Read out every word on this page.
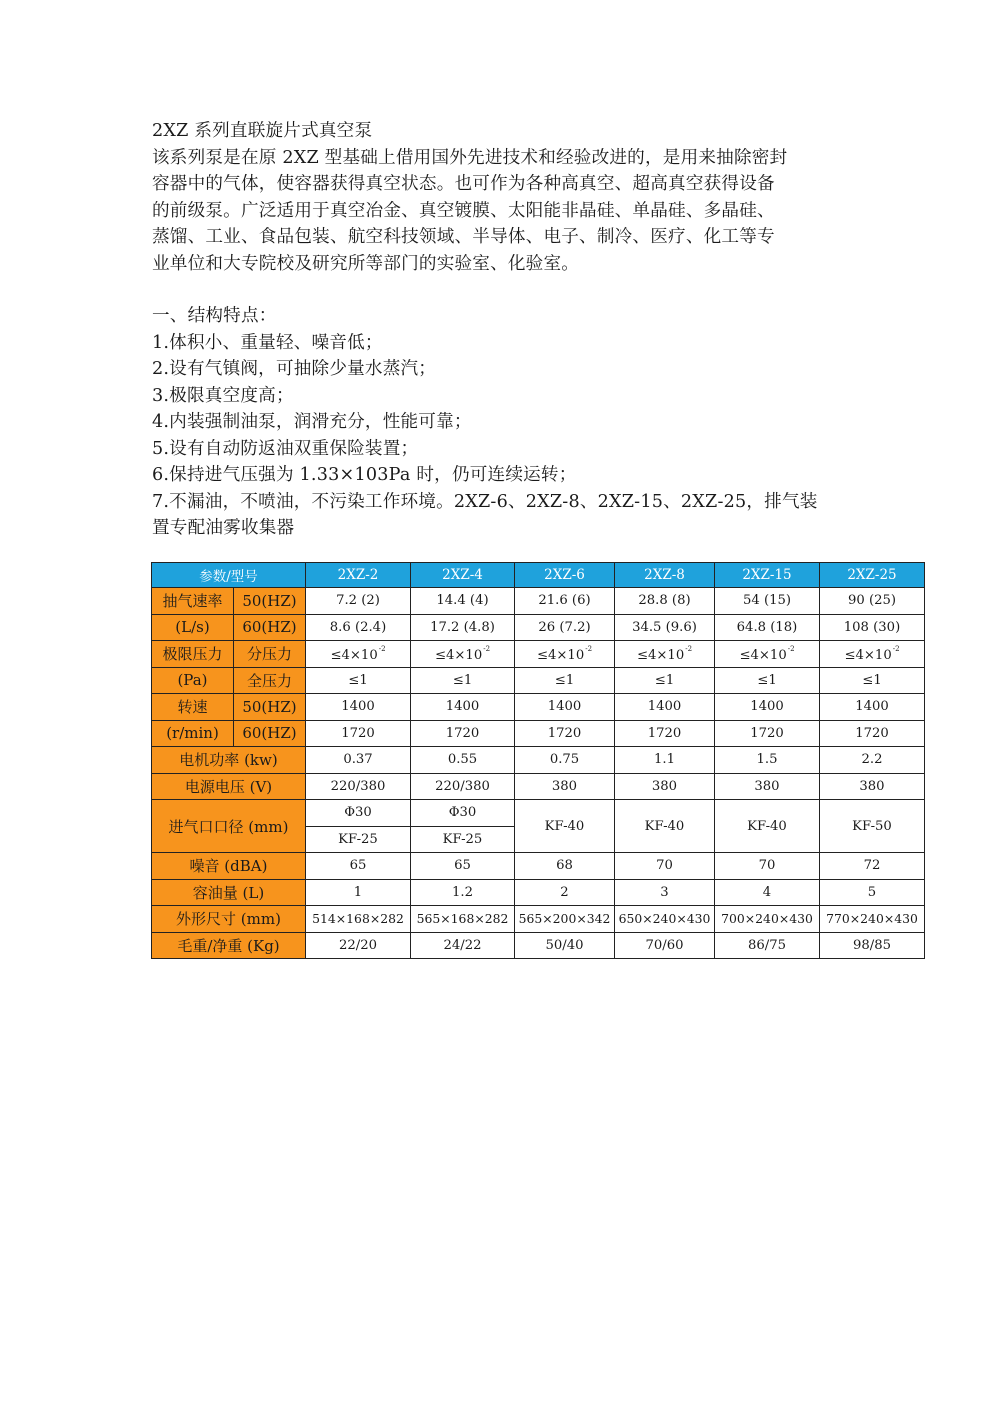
2XZ 系列直联旋片式真空泵
该系列泵是在原 2XZ 型基础上借用国外先进技术和经验改进的，是用来抽除密封
容器中的气体，使容器获得真空状态。也可作为各种高真空、超高真空获得设备
的前级泵。广泛适用于真空冶金、真空镀膜、太阳能非晶硅、单晶硅、多晶硅、
蒸馏、工业、食品包装、航空科技领域、半导体、电子、制冷、医疗、化工等专
业单位和大专院校及研究所等部门的实验室、化验室。
一、结构特点：
1.体积小、重量轻、噪音低；
2.设有气镇阀，可抽除少量水蒸汽；
3.极限真空度高；
4.内装强制油泵，润滑充分，性能可靠；
5.设有自动防返油双重保险装置；
6.保持进气压强为 1.33×103Pa 时，仍可连续运转；
7.不漏油，不喷油，不污染工作环境。2XZ-6、2XZ-8、2XZ-15、2XZ-25，排气装
置专配油雾收集器
参数/型号		2XZ-2	2XZ-4	2XZ-6	2XZ-8	2XZ-15	2XZ-25
抽气速率	50(HZ)	7.2 (2)	14.4 (4)	21.6 (6)	28.8 (8)	54 (15)	90 (25)
(L/s)	60(HZ)	8.6 (2.4)	17.2 (4.8)	26 (7.2)	34.5 (9.6)	64.8 (18)	108 (30)
极限压力	分压力	$\le 4\times 10^{-2}$	$\le 4\times 10^{-2}$	$\le 4\times 10^{-2}$	$\le 4\times 10^{-2}$	$\le 4\times 10^{-2}$	$\le 4\times 10^{-2}$
(Pa)	全压力	≤1	≤1	≤1	≤1	≤1	≤1
转速	50(HZ)	1400	1400	1400	1400	1400	1400
(r/min)	60(HZ)	1720	1720	1720	1720	1720	1720
电机功率 (kw)		0.37	0.55	0.75	1.1	1.5	2.2
电源电压 (V)		220/380	220/380	380	380	380	380
进气口口径 (mm)		Φ30	Φ30	KF-40	KF-40	KF-40	KF-50
		KF-25	KF-25				
噪音 (dBA)		65	65	68	70	70	72
容油量 (L)		1	1.2	2	3	4	5
外形尺寸 (mm)		514×168×282	565×168×282	565×200×342	650×240×430	700×240×430	770×240×430
毛重/净重 (Kg)		22/20	24/22	50/40	70/60	86/75	98/85
